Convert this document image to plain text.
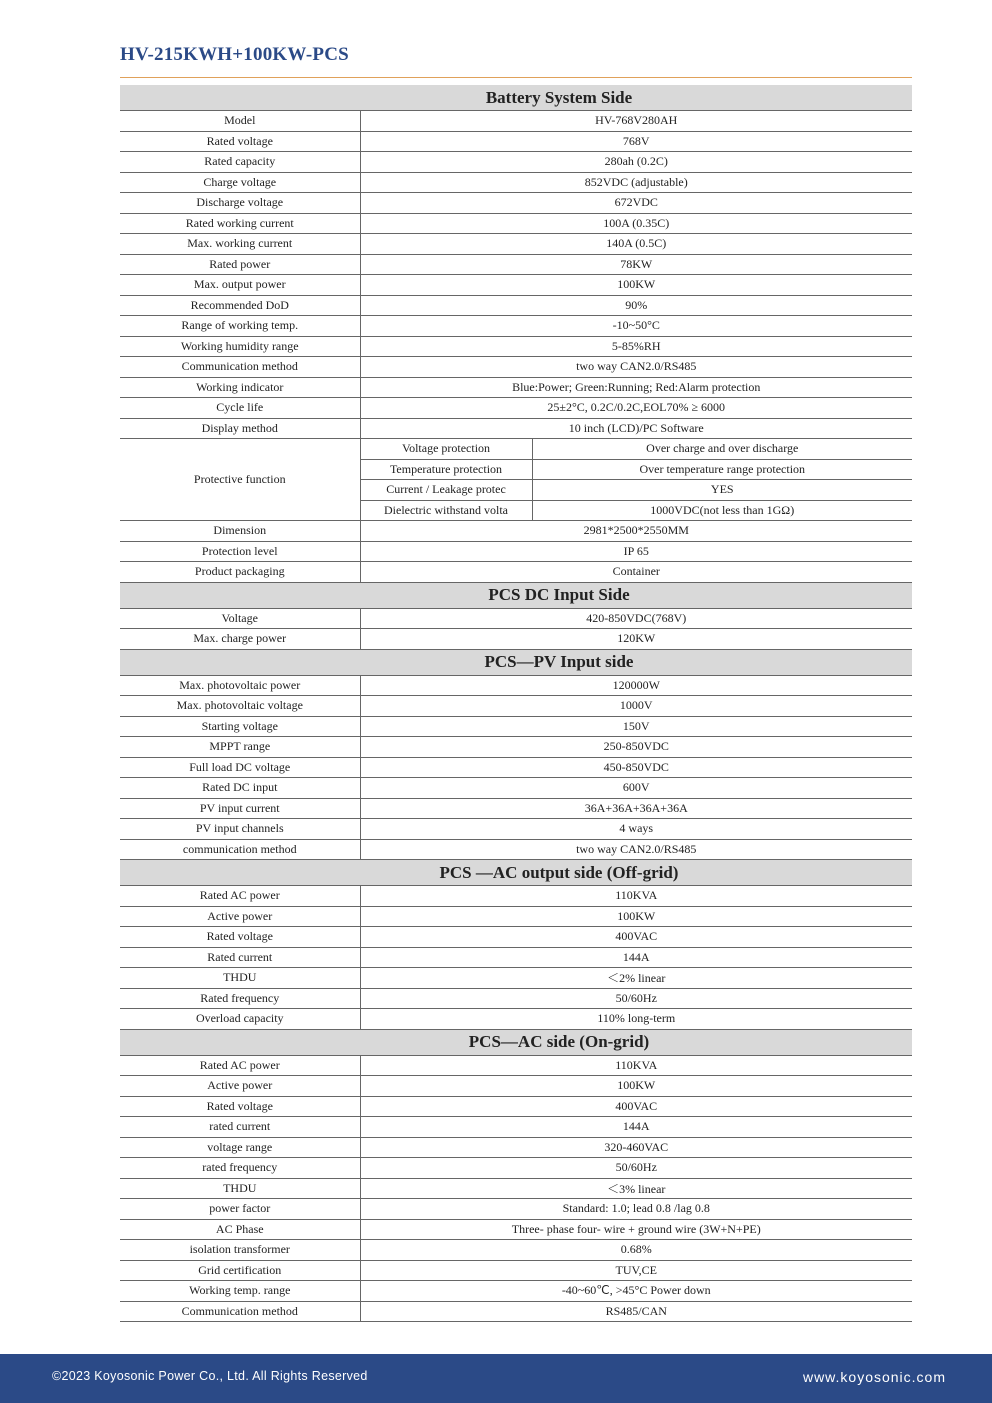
HV-215KWH+100KW-PCS
Battery System Side		
Model	HV-768V280AH	
Rated voltage	768V	
Rated capacity	280ah (0.2C)	
Charge voltage	852VDC (adjustable)	
Discharge voltage	672VDC	
Rated working current	100A (0.35C)	
Max. working current	140A (0.5C)	
Rated power	78KW	
Max. output power	100KW	
Recommended DoD	90%	
Range of working temp.	-10~50°C	
Working humidity range	5-85%RH	
Communication method	two way CAN2.0/RS485	
Working indicator	Blue:Power; Green:Running; Red:Alarm protection	
Cycle life	25±2°C, 0.2C/0.2C,EOL70% ≥ 6000	
Display method	10 inch (LCD)/PC Software	
Protective function	Voltage protection	Over charge and over discharge
	Temperature protection	Over temperature range protection
	Current / Leakage protec	YES
	Dielectric withstand volta	1000VDC(not less than 1GΩ)
Dimension	2981*2500*2550MM	
Protection level	IP 65	
Product packaging	Container	
PCS DC Input Side		
Voltage	420-850VDC(768V)	
Max. charge power	120KW	
PCS—PV Input side		
Max. photovoltaic power	120000W	
Max. photovoltaic voltage	1000V	
Starting voltage	150V	
MPPT range	250-850VDC	
Full load DC voltage	450-850VDC	
Rated DC input	600V	
PV input current	36A+36A+36A+36A	
PV input channels	4 ways	
communication method	two way CAN2.0/RS485	
PCS —AC output side (Off-grid)		
Rated AC power	110KVA	
Active power	100KW	
Rated voltage	400VAC	
Rated current	144A	
THDU	＜2% linear	
Rated frequency	50/60Hz	
Overload capacity	110% long-term	
PCS—AC side (On-grid)		
Rated AC power	110KVA	
Active power	100KW	
Rated voltage	400VAC	
rated current	144A	
voltage range	320-460VAC	
rated frequency	50/60Hz	
THDU	＜3% linear	
power factor	Standard: 1.0; lead 0.8 /lag 0.8	
AC Phase	Three- phase four- wire + ground wire (3W+N+PE)	
isolation transformer	0.68%	
Grid certification	TUV,CE	
Working temp. range	-40~60℃, >45°C Power down	
Communication method	RS485/CAN	
©2023 Koyosonic Power Co., Ltd. All Rights Reserved	www.koyosonic.com
